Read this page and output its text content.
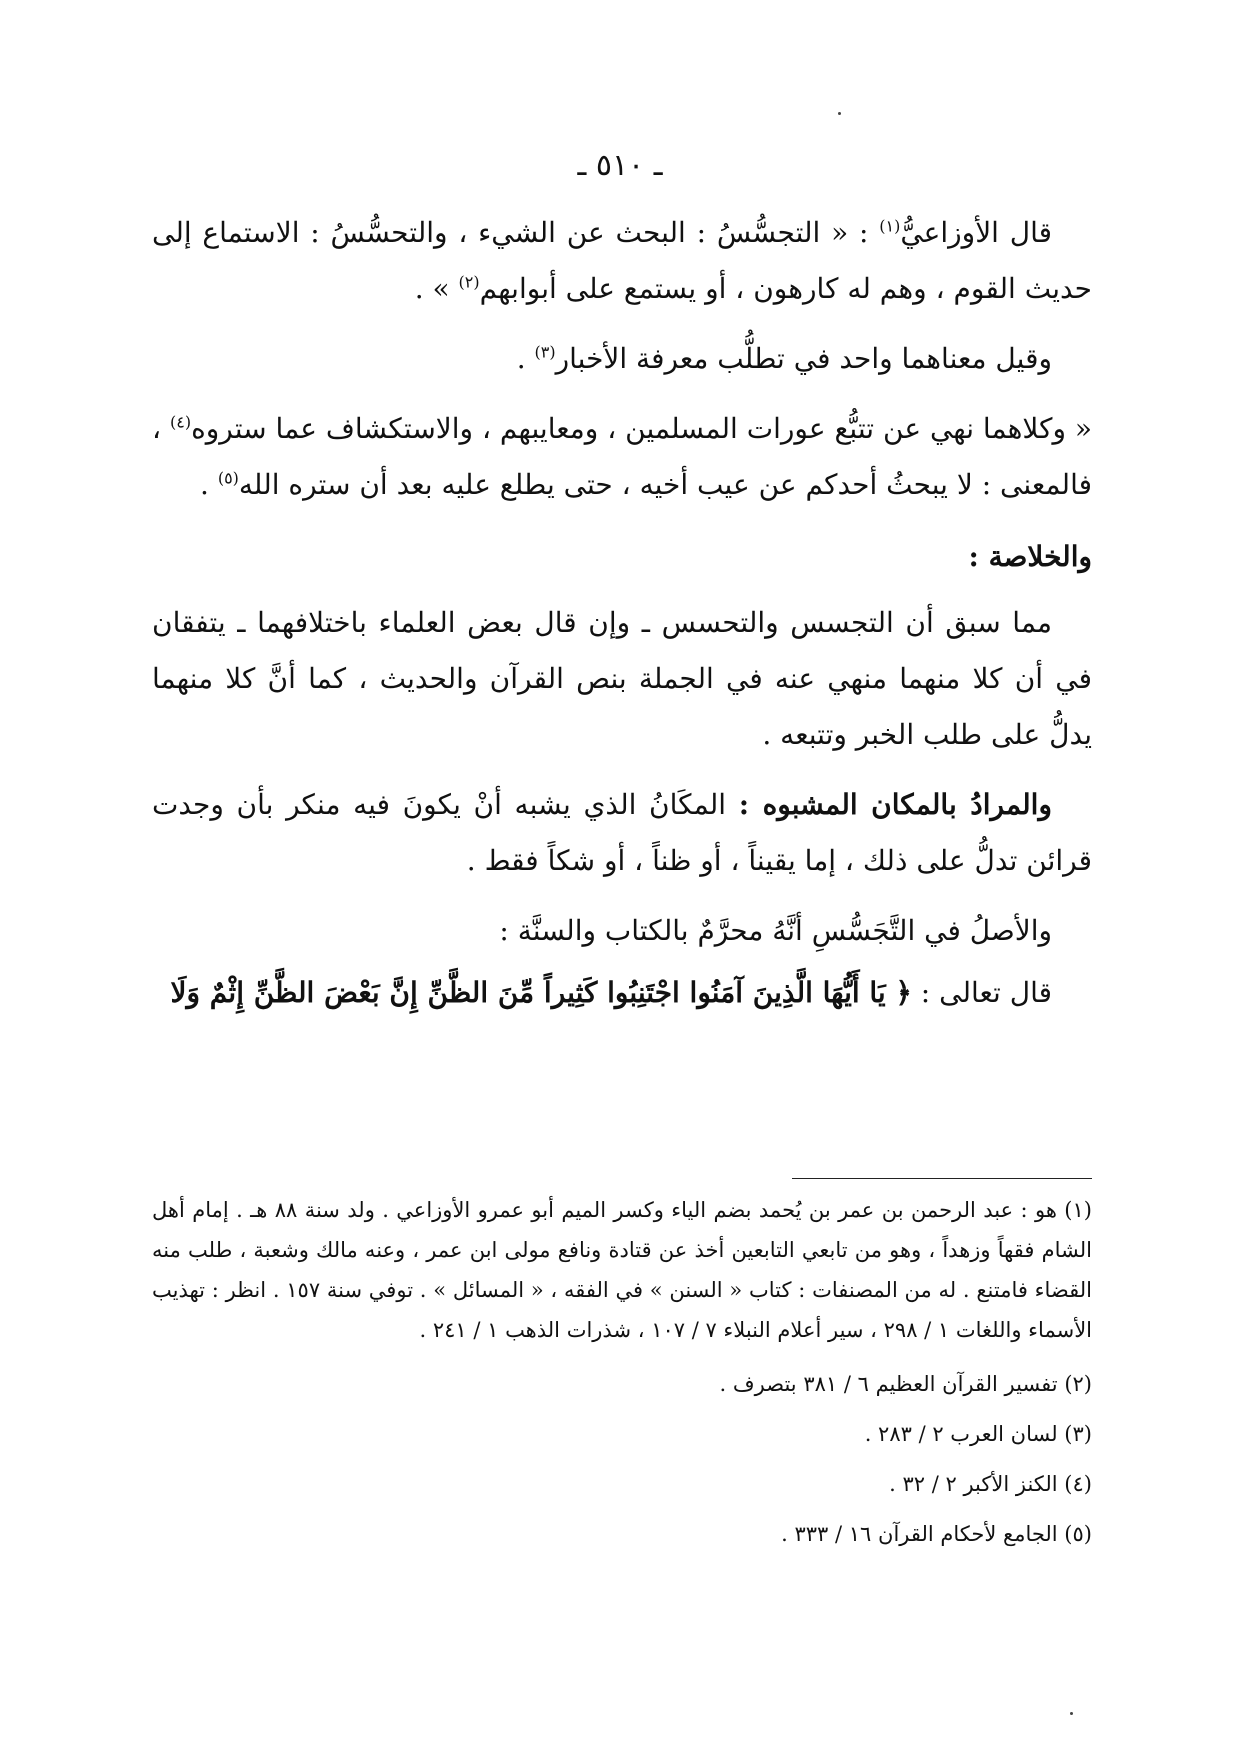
ـ ٥١٠ ـ

قال الأوزاعيُّ$^{(١)}$ : « التجسُّسُ : البحث عن الشيء ، والتحسُّسُ : الاستماع إلى حديث القوم ، وهم له كارهون ، أو يستمع على أبوابهم$^{(٢)}$ » .

وقيل معناهما واحد في تطلُّب معرفة الأخبار$^{(٣)}$ .

« وكلاهما نهي عن تتبُّع عورات المسلمين ، ومعايبهم ، والاستكشاف عما ستروه$^{(٤)}$ ، فالمعنى : لا يبحثُ أحدكم عن عيب أخيه ، حتى يطلع عليه بعد أن ستره الله$^{(٥)}$ .

والخلاصة :

مما سبق أن التجسس والتحسس ـ وإن قال بعض العلماء باختلافهما ـ يتفقان في أن كلا منهما منهي عنه في الجملة بنص القرآن والحديث ، كما أنَّ كلا منهما يدلُّ على طلب الخبر وتتبعه .

والمرادُ بالمكان المشبوه : المكَانُ الذي يشبه أنْ يكونَ فيه منكر بأن وجدت قرائن تدلُّ على ذلك ، إما يقيناً ، أو ظناً ، أو شكاً فقط .

والأصلُ في التَّجَسُّسِ أنَّهُ محرَّمٌ بالكتاب والسنَّة :

قال تعالى : ﴿ يَا أَيُّهَا الَّذِينَ آمَنُوا اجْتَنِبُوا كَثِيراً مِّنَ الظَّنِّ إِنَّ بَعْضَ الظَّنِّ إِثْمٌ وَلَا

(١) هو : عبد الرحمن بن عمر بن يُحمد بضم الياء وكسر الميم أبو عمرو الأوزاعي . ولد سنة ٨٨ هـ . إمام أهل الشام فقهاً وزهداً ، وهو من تابعي التابعين أخذ عن قتادة ونافع مولى ابن عمر ، وعنه مالك وشعبة ، طلب منه القضاء فامتنع . له من المصنفات : كتاب « السنن » في الفقه ، « المسائل » . توفي سنة ١٥٧ . انظر : تهذيب الأسماء واللغات ١ / ٢٩٨ ، سير أعلام النبلاء ٧ / ١٠٧ ، شذرات الذهب ١ / ٢٤١ .

(٢) تفسير القرآن العظيم ٦ / ٣٨١ بتصرف .

(٣) لسان العرب ٢ / ٢٨٣ .

(٤) الكنز الأكبر ٢ / ٣٢ .

(٥) الجامع لأحكام القرآن ١٦ / ٣٣٣ .
